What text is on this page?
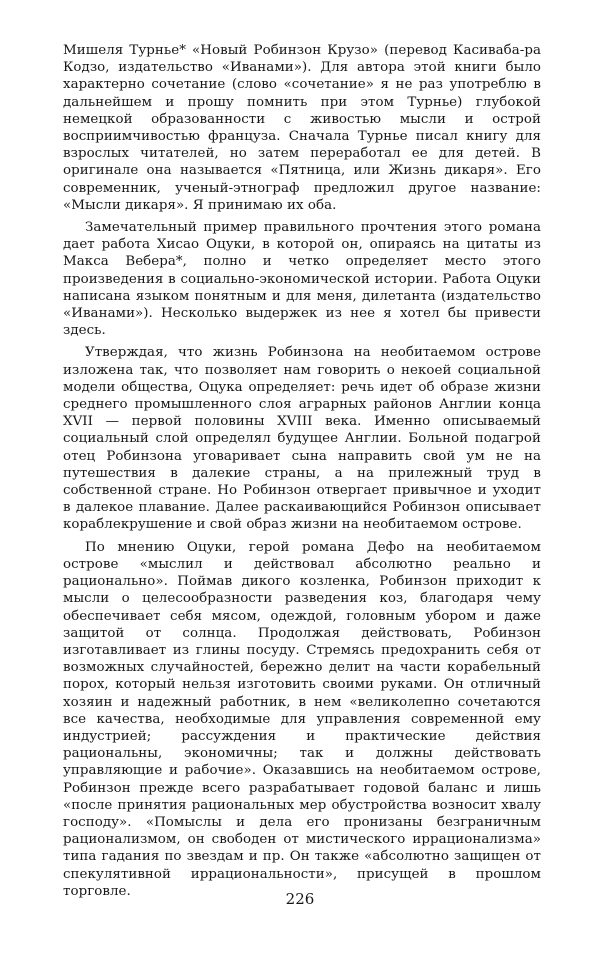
Мишеля Турнье* «Новый Робинзон Крузо» (перевод Касиваба-ра Кодзо, издательство «Иванами»). Для автора этой книги было характерно сочетание (слово «сочетание» я не раз употреблю в дальнейшем и прошу помнить при этом Турнье) глубокой немецкой образованности с живостью мысли и острой восприимчивостью француза. Сначала Турнье писал книгу для взрослых читателей, но затем переработал ее для детей. В оригинале она называется «Пятница, или Жизнь дикаря». Его современник, ученый-этнограф предложил другое название: «Мысли дикаря». Я принимаю их оба.

Замечательный пример правильного прочтения этого романа дает работа Хисао Оцуки, в которой он, опираясь на цитаты из Макса Вебера*, полно и четко определяет место этого произведения в социально-экономической истории. Работа Оцуки написана языком понятным и для меня, дилетанта (издательство «Иванами»). Несколько выдержек из нее я хотел бы привести здесь.

Утверждая, что жизнь Робинзона на необитаемом острове изложена так, что позволяет нам говорить о некоей социальной модели общества, Оцука определяет: речь идет об образе жизни среднего промышленного слоя аграрных районов Англии конца XVII — первой половины XVIII века. Именно описываемый социальный слой определял будущее Англии. Больной подагрой отец Робинзона уговаривает сына направить свой ум не на путешествия в далекие страны, а на прилежный труд в собственной стране. Но Робинзон отвергает привычное и уходит в далекое плавание. Далее раскаивающийся Робинзон описывает кораблекрушение и свой образ жизни на необитаемом острове.

По мнению Оцуки, герой романа Дефо на необитаемом острове «мыслил и действовал абсолютно реально и рационально». Поймав дикого козленка, Робинзон приходит к мысли о целесообразности разведения коз, благодаря чему обеспечивает себя мясом, одеждой, головным убором и даже защитой от солнца. Продолжая действовать, Робинзон изготавливает из глины посуду. Стремясь предохранить себя от возможных случайностей, бережно делит на части корабельный порох, который нельзя изготовить своими руками. Он отличный хозяин и надежный работник, в нем «великолепно сочетаются все качества, необходимые для управления современной ему индустрией; рассуждения и практические действия рациональны, экономичны; так и должны действовать управляющие и рабочие». Оказавшись на необитаемом острове, Робинзон прежде всего разрабатывает годовой баланс и лишь «после принятия рациональных мер обустройства возносит хвалу господу». «Помыслы и дела его пронизаны безграничным рационализмом, он свободен от мистического иррационализма» типа гадания по звездам и пр. Он также «абсолютно защищен от спекулятивной иррациональности», присущей в прошлом торговле.	226
